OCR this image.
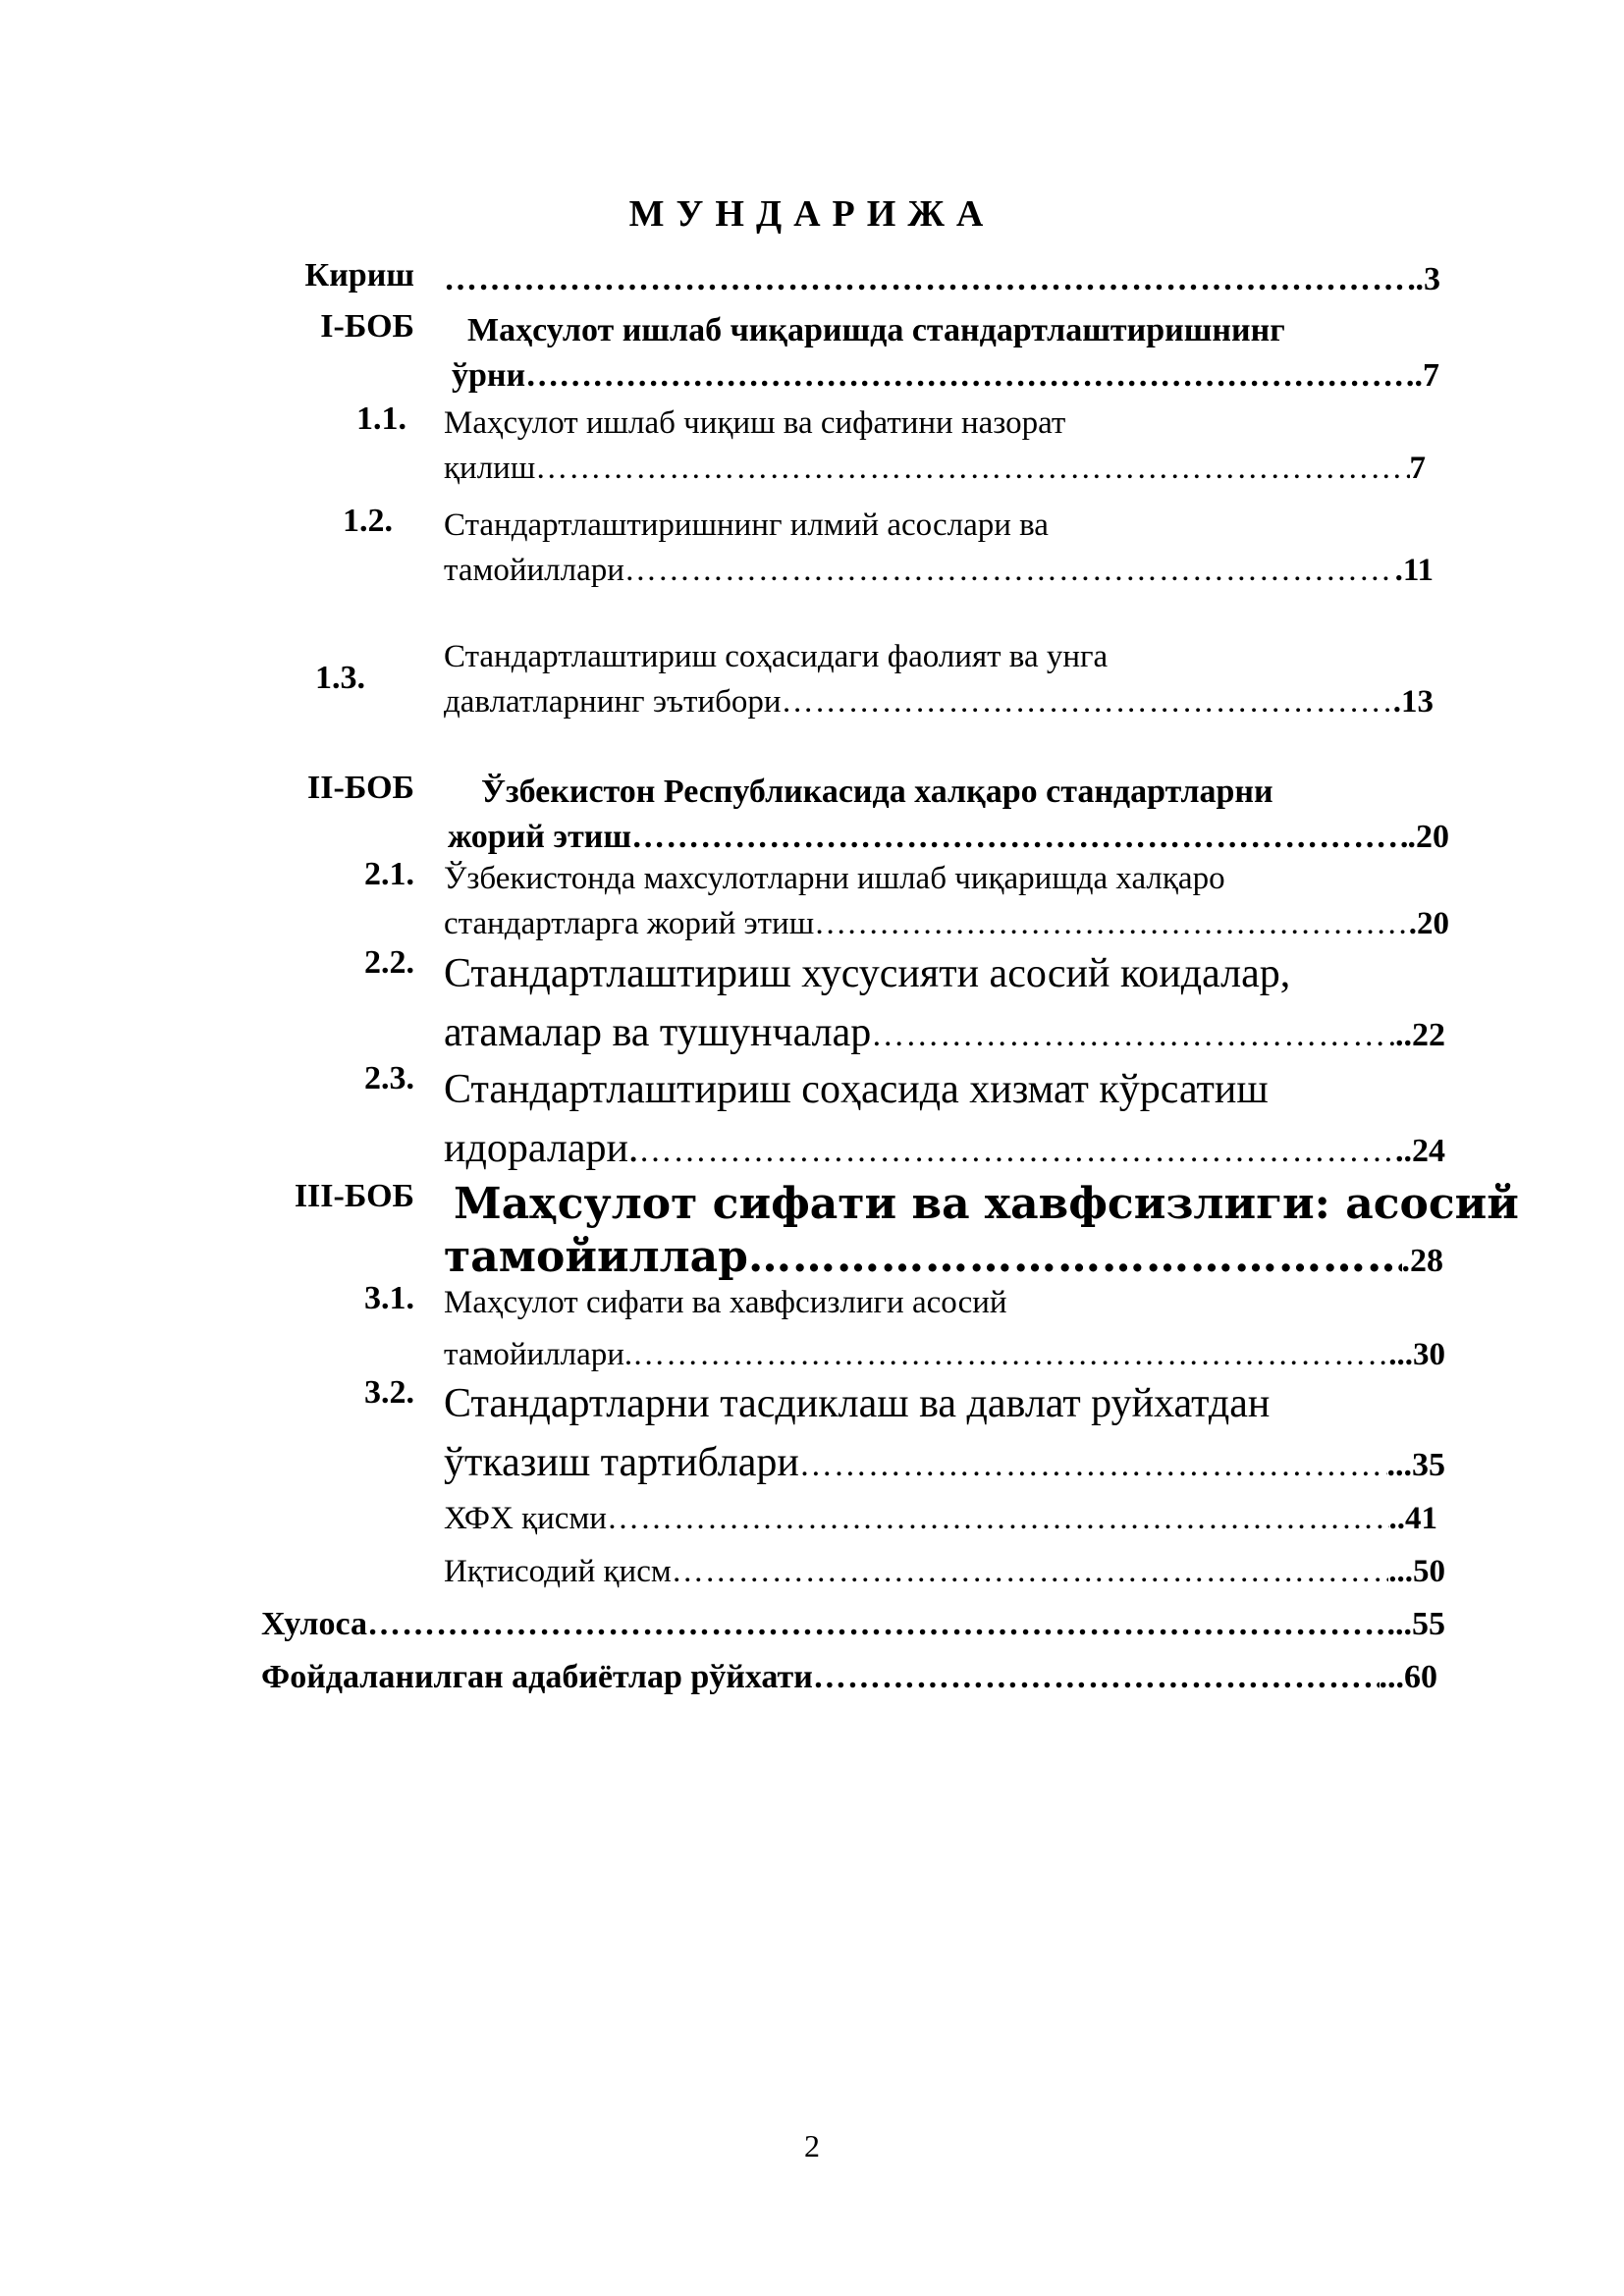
МУНДАРИЖА
Кириш ………………………………………………………………………………………………………………………………………………………………………………………………	.3
I-БОБ Маҳсулот ишлаб чиқаришда стандартлаштиришнинг
ўрни ………………………………………………………………………………………………………………………………………………………………………………………………	.7
1.1. Маҳсулот ишлаб чиқиш ва сифатини назорат
қилиш ………………………………………………………………………………………………………………………………………………………………………………………………	7
1.2. Стандартлаштиришнинг илмий асослари ва
тамойиллари ………………………………………………………………………………………………………………………………………………………………………………………………	.11
1.3.
Стандартлаштириш соҳасидаги фаолият ва унга
давлатларнинг эътибори ………………………………………………………………………………………………………………………………………………………………………………………………	.13
II-БОБ Ўзбекистон Республикасида халқаро стандартларни
жорий этиш ………………………………………………………………………………………………………………………………………………………………………………………………	.20
2.1. Ўзбекистонда махсулотларни ишлаб чиқаришда халқаро
стандартларга жорий этиш ………………………………………………………………………………………………………………………………………………………………………………………………	.20
2.2. Стандартлаштириш хусусияти асосий коидалар,
атамалар ва тушунчалар ………………………………………………………………………………………………………………………………………………………………………………………………	..22
2.3. Стандартлаштириш соҳасида хизмат кўрсатиш
идоралари. ………………………………………………………………………………………………………………………………………………………………………………………………	..24
III-БОБ Маҳсулот сифати ва хавфсизлиги: асосий
тамойиллар ………………………………………………………………………………………………………………………………………………………………………………………………	.28
3.1. Маҳсулот сифати ва хавфсизлиги асосий
тамойиллари. ………………………………………………………………………………………………………………………………………………………………………………………………	...30
3.2. Стандартларни тасдиклаш ва давлат руйхатдан
ўтказиш тартиблари ………………………………………………………………………………………………………………………………………………………………………………………………	...35
ХФХ қисми ………………………………………………………………………………………………………………………………………………………………………………………………	..41
Иқтисодий қисм ………………………………………………………………………………………………………………………………………………………………………………………………	...50
Хулоса ………………………………………………………………………………………………………………………………………………………………………………………………	...55
Фойдаланилган адабиётлар рўйхати ………………………………………………………………………………………………………………………………………………………………………………………………	...60
2
